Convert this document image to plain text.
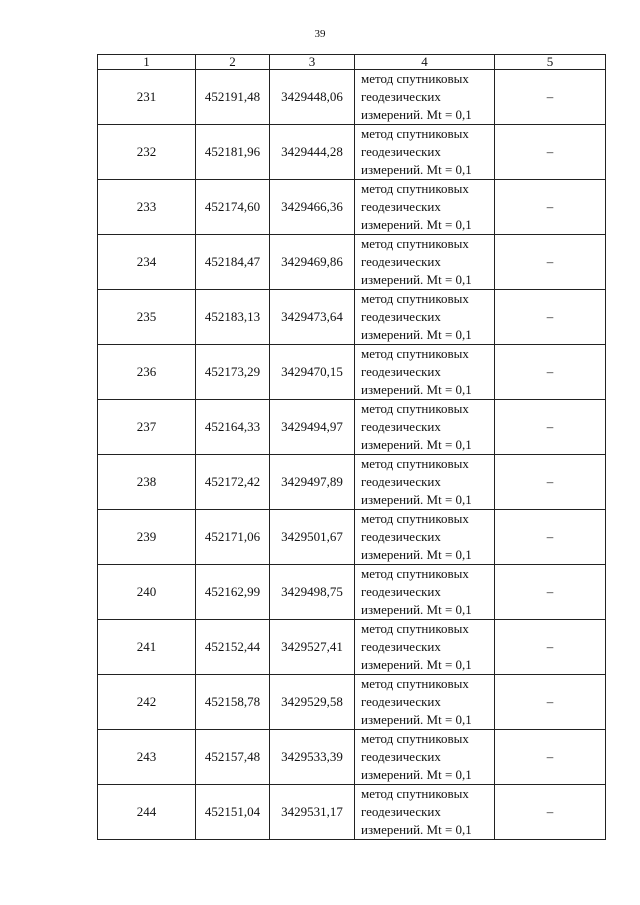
39
1	2	3	4	5
231	452191,48	3429448,06	метод спутниковых
геодезических
измерений. Mt = 0,1	–
232	452181,96	3429444,28	метод спутниковых
геодезических
измерений. Mt = 0,1	–
233	452174,60	3429466,36	метод спутниковых
геодезических
измерений. Mt = 0,1	–
234	452184,47	3429469,86	метод спутниковых
геодезических
измерений. Mt = 0,1	–
235	452183,13	3429473,64	метод спутниковых
геодезических
измерений. Mt = 0,1	–
236	452173,29	3429470,15	метод спутниковых
геодезических
измерений. Mt = 0,1	–
237	452164,33	3429494,97	метод спутниковых
геодезических
измерений. Mt = 0,1	–
238	452172,42	3429497,89	метод спутниковых
геодезических
измерений. Mt = 0,1	–
239	452171,06	3429501,67	метод спутниковых
геодезических
измерений. Mt = 0,1	–
240	452162,99	3429498,75	метод спутниковых
геодезических
измерений. Mt = 0,1	–
241	452152,44	3429527,41	метод спутниковых
геодезических
измерений. Mt = 0,1	–
242	452158,78	3429529,58	метод спутниковых
геодезических
измерений. Mt = 0,1	–
243	452157,48	3429533,39	метод спутниковых
геодезических
измерений. Mt = 0,1	–
244	452151,04	3429531,17	метод спутниковых
геодезических
измерений. Mt = 0,1	–
